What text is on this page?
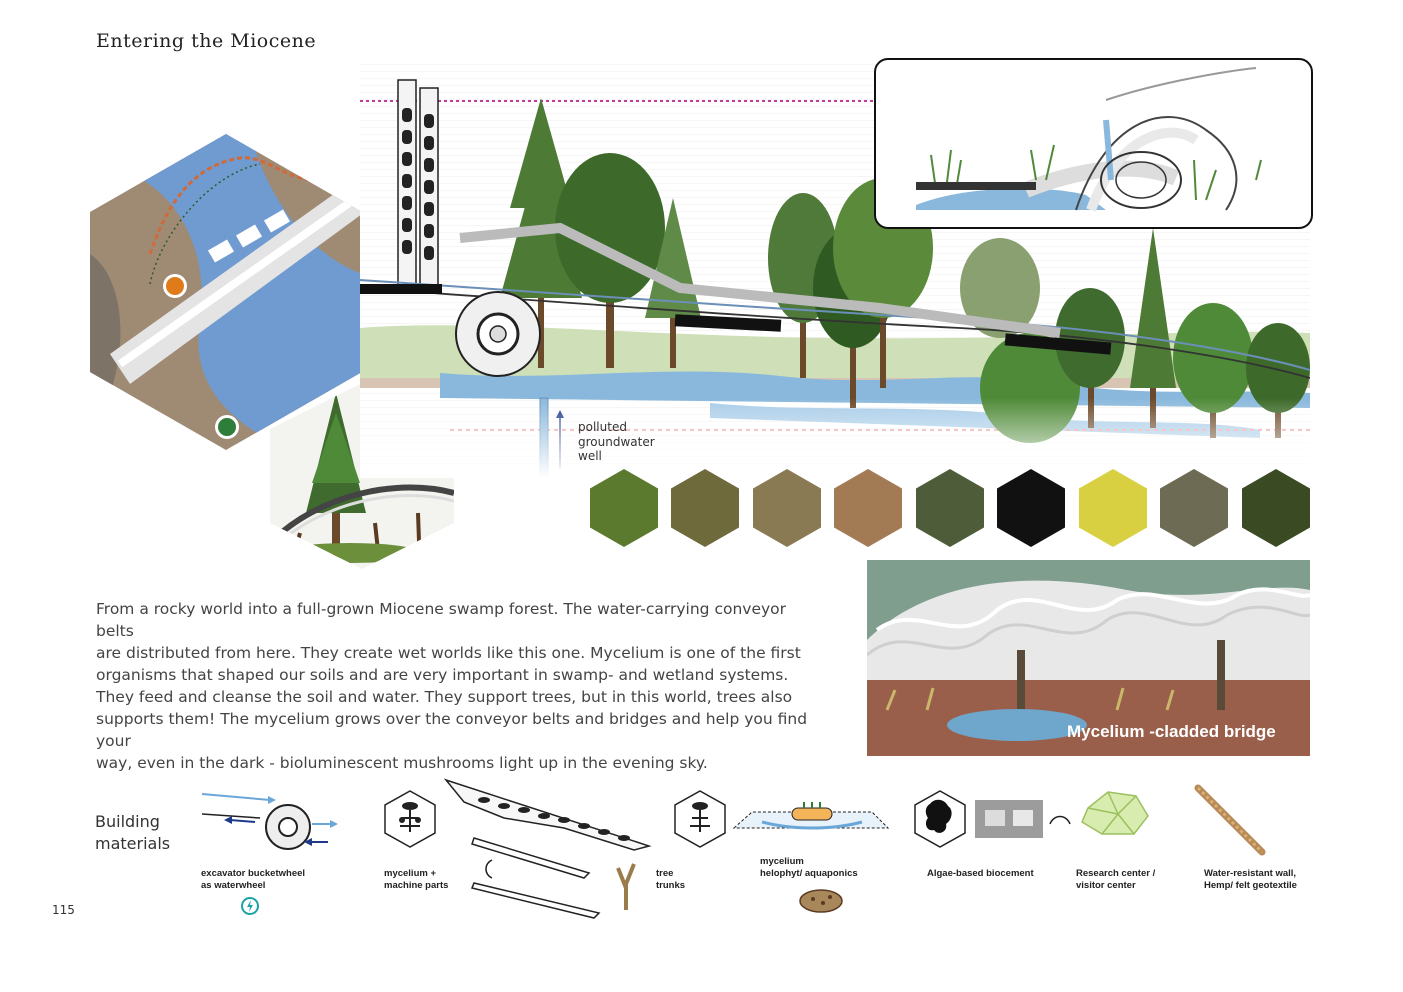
Entering the Miocene
polluted
groundwater
well
From a rocky world into a full-grown Miocene swamp forest. The water-carrying conveyor belts
are distributed from here. They create wet worlds like this one. Mycelium is one of the first
organisms that shaped our soils and are very important in swamp- and wetland systems.
They feed and cleanse the soil and water. They support trees, but in this world, trees also
supports them! The mycelium grows over the conveyor belts and bridges and help you find your
way, even in the dark - bioluminescent mushrooms light up in the evening sky.
Mycelium -cladded bridge
Building
materials
excavator bucketwheel
as waterwheel
mycelium +
machine parts
tree
trunks
mycelium
helophyt/ aquaponics	Algae-based biocement	Research center /
visitor center
Water-resistant wall,
Hemp/ felt geotextile
115
